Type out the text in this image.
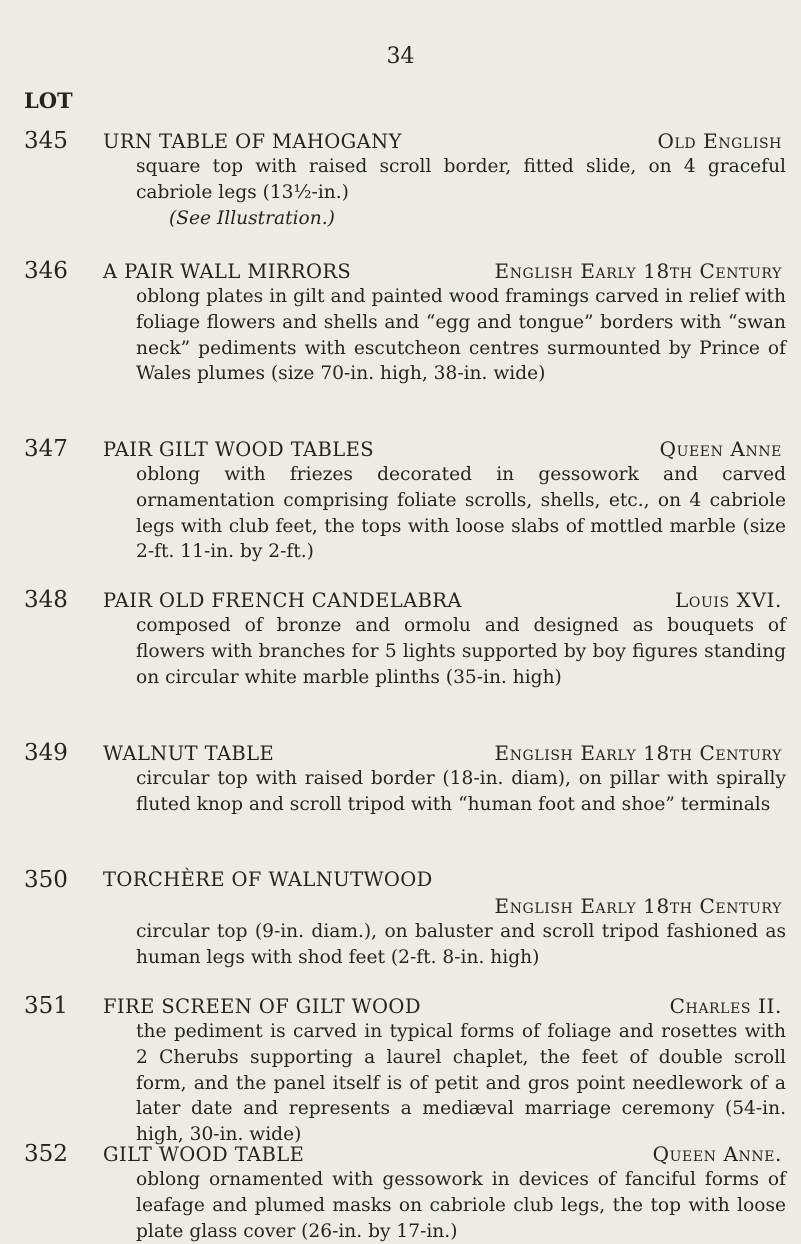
34
LOT
345 URN TABLE OF MAHOGANY	Old English

square top with raised scroll border, fitted slide, on 4 graceful cabriole legs (13½-in.)

(See Illustration.)
346 A PAIR WALL MIRRORS	English Early 18th Century

oblong plates in gilt and painted wood framings carved in relief with foliage flowers and shells and “egg and tongue” borders with “swan neck” pediments with escutcheon centres surmounted by Prince of Wales plumes (size 70-in. high, 38-in. wide)

347 PAIR GILT WOOD TABLES	Queen Anne

oblong with friezes decorated in gessowork and carved ornamentation comprising foliate scrolls, shells, etc., on 4 cabriole legs with club feet, the tops with loose slabs of mottled marble (size 2-ft. 11-in. by 2-ft.)

348 PAIR OLD FRENCH CANDELABRA	Louis XVI.

composed of bronze and ormolu and designed as bouquets of flowers with branches for 5 lights supported by boy figures standing on circular white marble plinths (35-in. high)

349 WALNUT TABLE	English Early 18th Century

circular top with raised border (18-in. diam), on pillar with spirally fluted knop and scroll tripod with “human foot and shoe” terminals

350 TORCHÈRE OF WALNUTWOOD
English Early 18th Century

circular top (9-in. diam.), on baluster and scroll tripod fashioned as human legs with shod feet (2-ft. 8-in. high)

351 FIRE SCREEN OF GILT WOOD	Charles II.

the pediment is carved in typical forms of foliage and rosettes with 2 Cherubs supporting a laurel chaplet, the feet of double scroll form, and the panel itself is of petit and gros point needlework of a later date and represents a mediæval marriage ceremony (54-in. high, 30-in. wide)

352 GILT WOOD TABLE	Queen Anne.

oblong ornamented with gessowork in devices of fanciful forms of leafage and plumed masks on cabriole club legs, the top with loose plate glass cover (26-in. by 17-in.)
